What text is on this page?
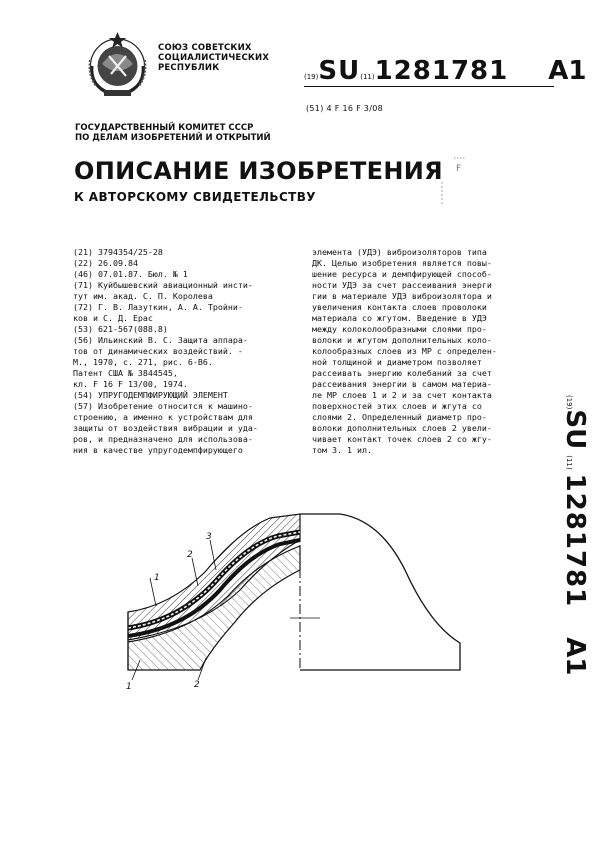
СОЮЗ СОВЕТСКИХ
СОЦИАЛИСТИЧЕСКИХ
РЕСПУБЛИК
(19)SU(11)1281781 A1
(51) 4 F 16 F 3/08
ГОСУДАРСТВЕННЫЙ КОМИТЕТ СССР
ПО ДЕЛАМ ИЗОБРЕТЕНИЙ И ОТКРЫТИЙ
ОПИСАНИЕ ИЗОБРЕТЕНИЯ
К АВТОРСКОМУ СВИДЕТЕЛЬСТВУ
F
(21) 3794354/25-28
(22) 26.09.84
(46) 07.01.87. Бюл. № 1
(71) Куйбышевский авиационный инсти-
тут им. акад. С. П. Королева
(72) Г. В. Лазуткин, А. А. Тройни-
ков и С. Д. Ерас
(53) 621-567(088.8)
(56) Ильинский В. С. Защита аппара-
тов от динамических воздействий. -
М., 1970, с. 271, рис. 6-В6.
Патент США № 3844545,
кл. F 16 F 13/00, 1974.
(54) УПРУГОДЕМПФИРУЮЩИЙ ЭЛЕМЕНТ
(57) Изобретение относится к машино-
строению, а именно к устройствам для
защиты от воздействия вибрации и уда-
ров, и предназначено для использова-
ния в качестве упругодемпфирующего
элемента (УДЭ) виброизоляторов типа
ДК. Целью изобретения является повы-
шение ресурса и демпфирующей способ-
ности УДЭ за счет рассеивания энерги
гии в материале УДЭ виброизолятора и
увеличения контакта слоев проволоки
материала со жгутом. Введение в УДЭ
между колоколообразными слоями про-
волоки и жгутом дополнительных коло-
колообразных слоев из МР с определен-
ной толщиной и диаметром позволяет
рассеивать энергию колебаний за счет
рассеивания энергии в самом материа-
ле МР слоев 1 и 2 и за счет контакта
поверхностей этих слоев и жгута со
слоями 2. Определенный диаметр про-
волоки дополнительных слоев 2 увели-
чивает контакт точек слоев 2 со жгу-
том 3. 1 ил.
(19)SU(11)1281781A1
1
2
3
1	2
